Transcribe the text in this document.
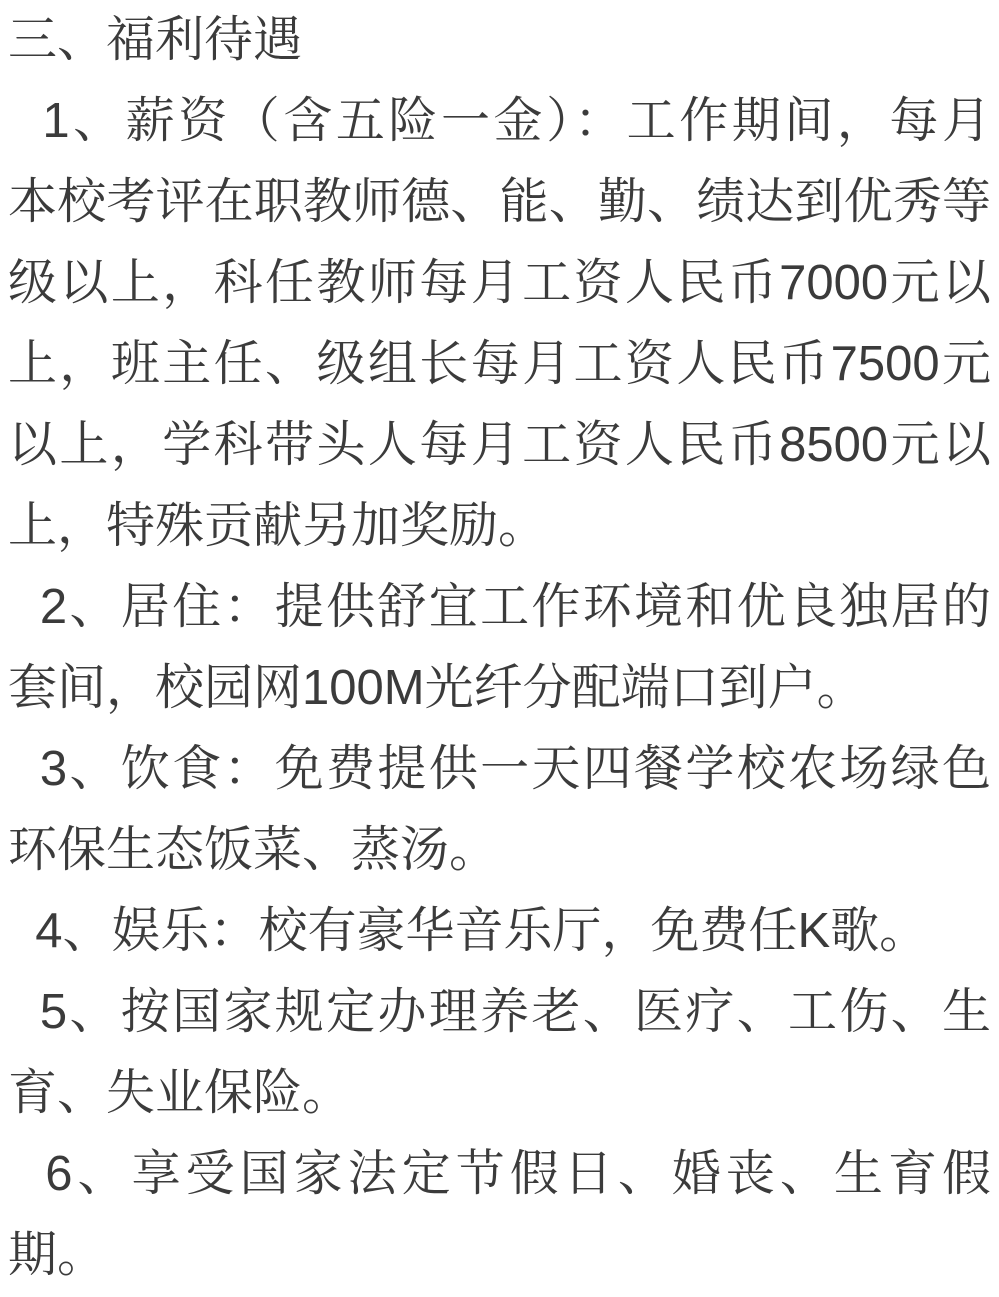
三、福利待遇
1、薪资（含五险一金）：工作期间，每月
本校考评在职教师德、能、勤、绩达到优秀等
级以上，科任教师每月工资人民币7000元以
上，班主任、级组长每月工资人民币7500元
以上，学科带头人每月工资人民币8500元以
上，特殊贡献另加奖励。
2、居住：提供舒宜工作环境和优良独居的
套间，校园网100M光纤分配端口到户。
3、饮食：免费提供一天四餐学校农场绿色
环保生态饭菜、蒸汤。
4、娱乐：校有豪华音乐厅，免费任K歌。
5、按国家规定办理养老、医疗、工伤、生
育、失业保险。
6、享受国家法定节假日、婚丧、生育假
期。
